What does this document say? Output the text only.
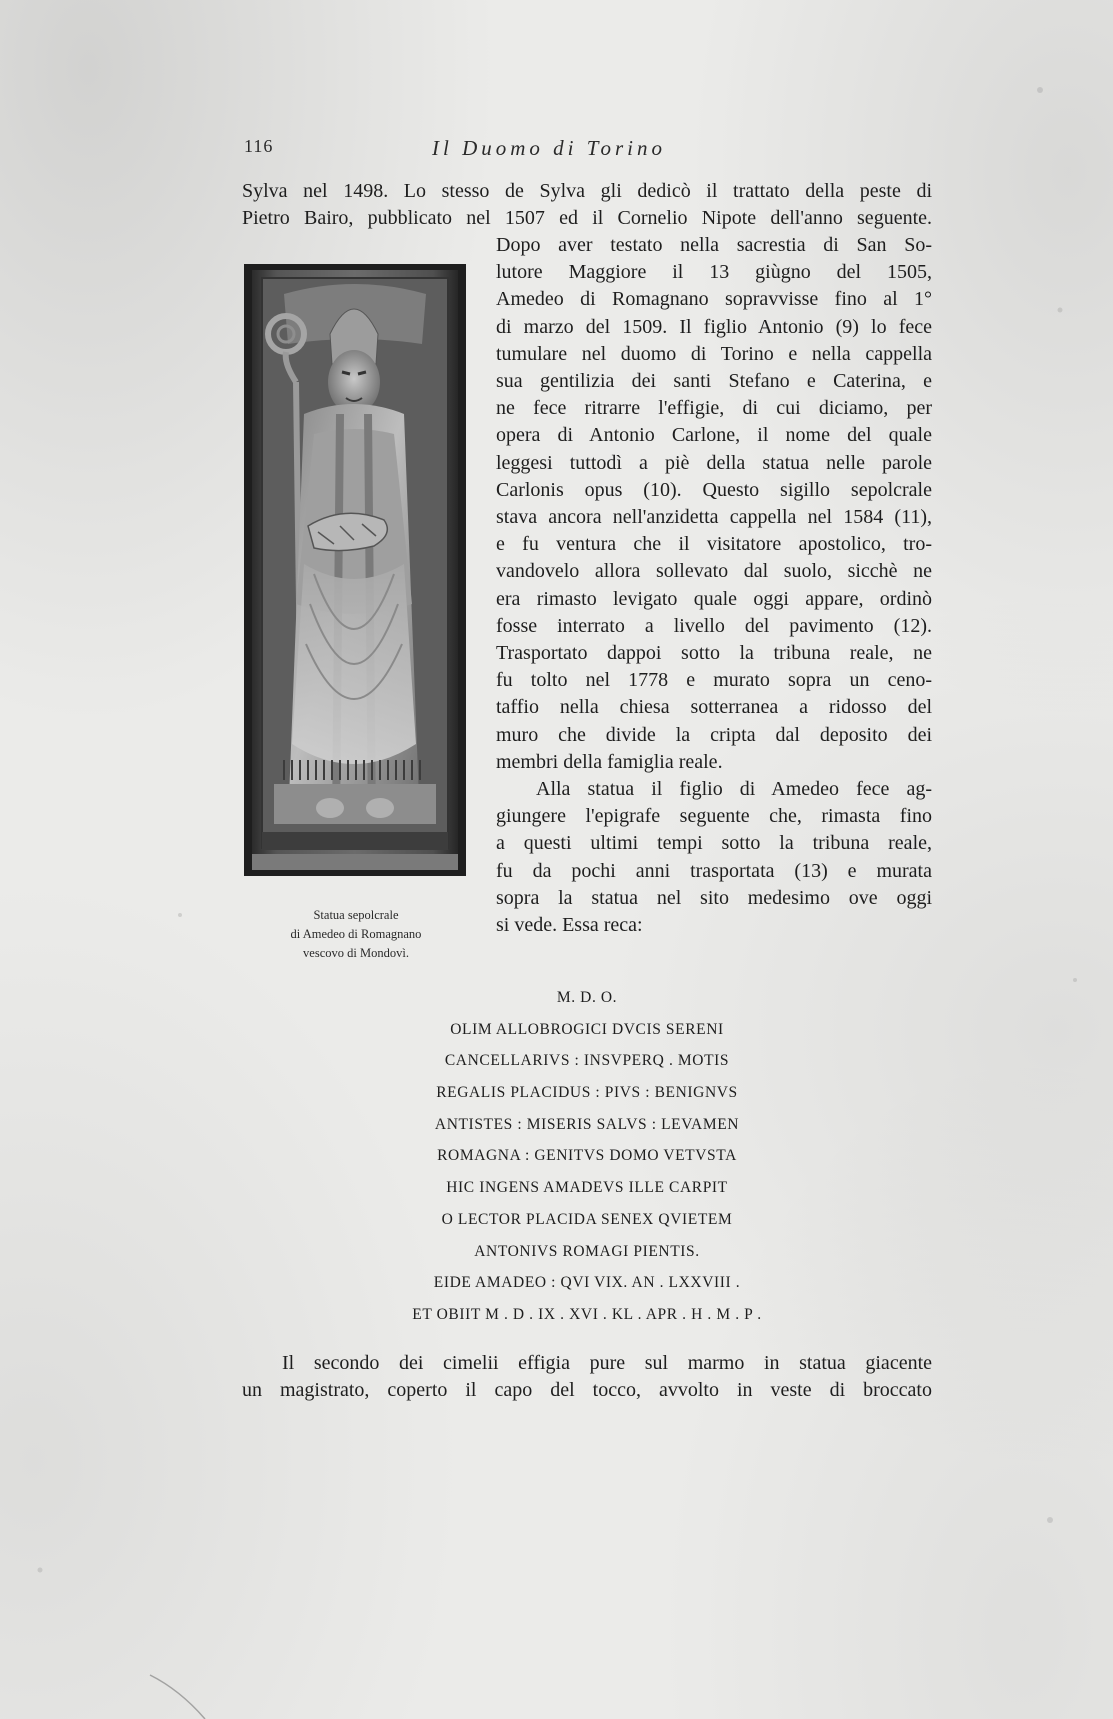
116	Il Duomo di Torino
Sylva nel 1498. Lo stesso de Sylva gli dedicò il trattato della peste di
Pietro Bairo, pubblicato nel 1507 ed il Cornelio Nipote dell'anno seguente.
Dopo aver testato nella sacrestia di San So-
lutore Maggiore il 13 giùgno del 1505,
Amedeo di Romagnano sopravvisse fino al 1°
di marzo del 1509. Il figlio Antonio (9) lo fece
tumulare nel duomo di Torino e nella cappella
sua gentilizia dei santi Stefano e Caterina, e
ne fece ritrarre l'effigie, di cui diciamo, per
opera di Antonio Carlone, il nome del quale
leggesi tuttodì a piè della statua nelle parole
Carlonis opus (10). Questo sigillo sepolcrale
stava ancora nell'anzidetta cappella nel 1584 (11),
e fu ventura che il visitatore apostolico, tro-
vandovelo allora sollevato dal suolo, sicchè ne
era rimasto levigato quale oggi appare, ordinò
fosse interrato a livello del pavimento (12).
Trasportato dappoi sotto la tribuna reale, ne
fu tolto nel 1778 e murato sopra un ceno-
taffio nella chiesa sotterranea a ridosso del
muro che divide la cripta dal deposito dei
membri della famiglia reale.
Alla statua il figlio di Amedeo fece ag-
giungere l'epigrafe seguente che, rimasta fino
a questi ultimi tempi sotto la tribuna reale,
fu da pochi anni trasportata (13) e murata
sopra la statua nel sito medesimo ove oggi
si vede. Essa reca:
Statua sepolcrale
di Amedeo di Romagnano
vescovo di Mondovì.
M. D. O.
OLIM ALLOBROGICI DVCIS SERENI
CANCELLARIVS : INSVPERQ . MOTIS
REGALIS PLACIDUS : PIVS : BENIGNVS
ANTISTES : MISERIS SALVS : LEVAMEN
ROMAGNA : GENITVS DOMO VETVSTA
HIC INGENS AMADEVS ILLE CARPIT
O LECTOR PLACIDA SENEX QVIETEM
ANTONIVS ROMAGI PIENTIS.
EIDE AMADEO : QVI VIX. AN . LXXVIII .
ET OBIIT M . D . IX . XVI . KL . APR . H . M . P .
Il secondo dei cimelii effigia pure sul marmo in statua giacente
un magistrato, coperto il capo del tocco, avvolto in veste di broccato
